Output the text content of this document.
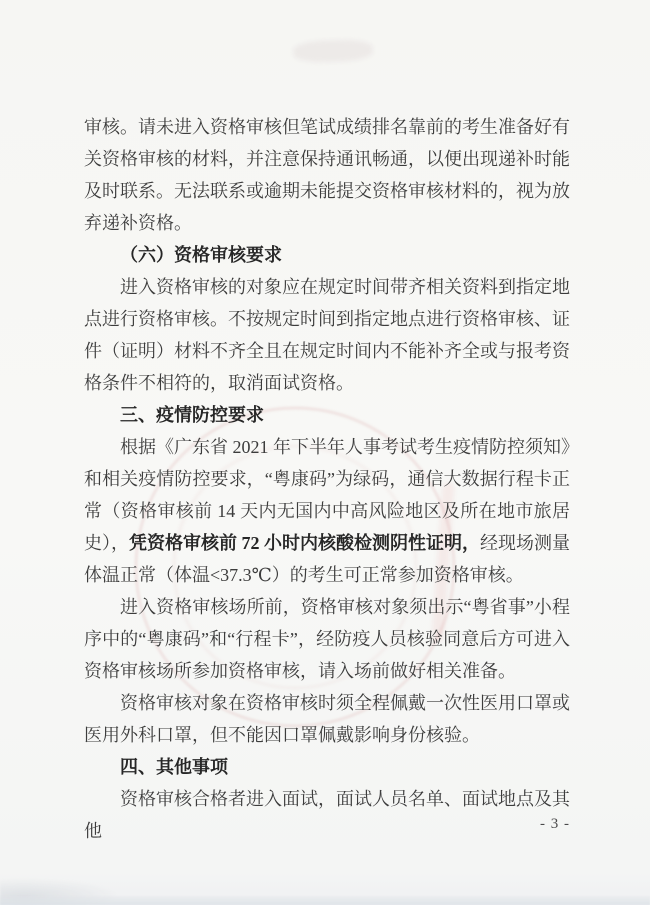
审核。请未进入资格审核但笔试成绩排名靠前的考生准备好有关资格审核的材料，并注意保持通讯畅通，以便出现递补时能及时联系。无法联系或逾期未能提交资格审核材料的，视为放弃递补资格。

（六）资格审核要求

进入资格审核的对象应在规定时间带齐相关资料到指定地点进行资格审核。不按规定时间到指定地点进行资格审核、证件（证明）材料不齐全且在规定时间内不能补齐全或与报考资格条件不相符的，取消面试资格。

三、疫情防控要求

根据《广东省 2021 年下半年人事考试考生疫情防控须知》和相关疫情防控要求，“粤康码”为绿码，通信大数据行程卡正常（资格审核前 14 天内无国内中高风险地区及所在地市旅居史），凭资格审核前 72 小时内核酸检测阴性证明，经现场测量体温正常（体温<37.3℃）的考生可正常参加资格审核。

进入资格审核场所前，资格审核对象须出示“粤省事”小程序中的“粤康码”和“行程卡”，经防疫人员核验同意后方可进入资格审核场所参加资格审核，请入场前做好相关准备。

资格审核对象在资格审核时须全程佩戴一次性医用口罩或医用外科口罩，但不能因口罩佩戴影响身份核验。

四、其他事项

资格审核合格者进入面试，面试人员名单、面试地点及其他	- 3 -
